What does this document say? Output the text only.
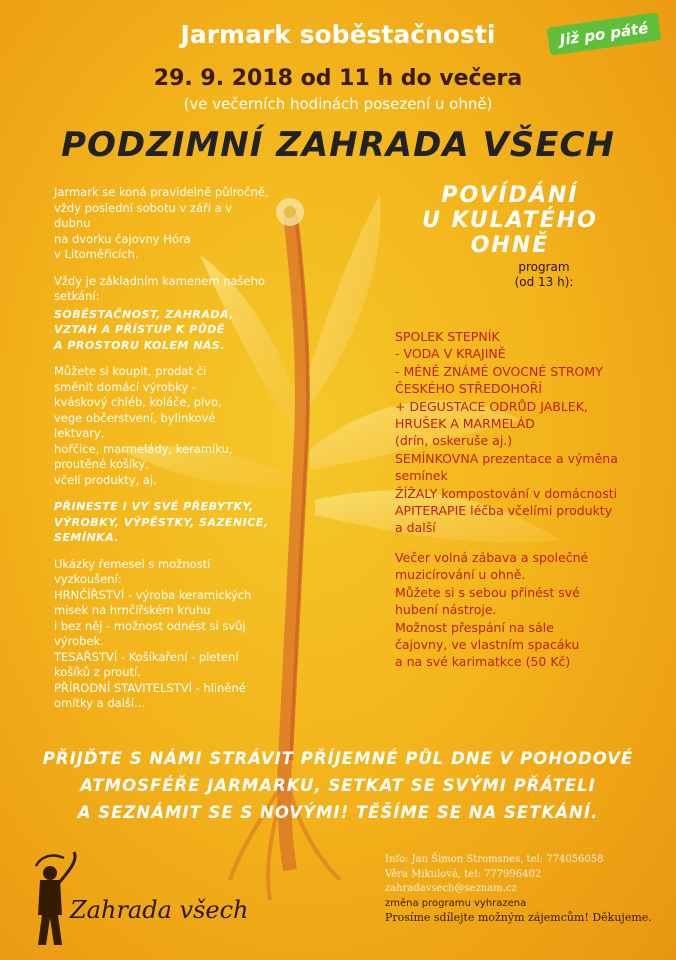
Jarmark soběstačnosti	Již po páté
29. 9. 2018 od 11 h do večera
(ve večerních hodinách posezení u ohně)
PODZIMNÍ ZAHRADA VŠECH

Jarmark se koná pravidelně půlročně,
vždy poslední sobotu v září a v dubnu
na dvorku čajovny Hóra
v Litoměřicích.

Vždy je základním kamenem našeho
setkání:

SOBĚSTAČNOST, ZAHRADA,
VZTAH A PŘÍSTUP K PŮDĚ
A PROSTORU KOLEM NÁS.

Můžete si koupit, prodat či
směnit domácí výrobky -
kváskový chléb, koláče, pivo,
vege občerstvení, bylinkové lektvary,
hořčice, marmelády, keramiku,
proutěné košíky,
včelí produkty, aj.

PŘINESTE I VY SVÉ PŘEBYTKY,
VÝROBKY, VÝPĚSTKY, SAZENICE,
SEMÍNKA.

Ukázky řemesel s možností
vyzkoušení:
HRNČÍŘSTVÍ - výroba keramických
misek na hrnčířském kruhu
i bez něj - možnost odnést si svůj
výrobek.
TESAŘSTVÍ - Košíkaření - pletení
košíků z proutí.
PŘÍRODNÍ STAVITELSTVÍ - hliněné
omítky a další...

POVÍDÁNÍ
U KULATÉHO
OHNĚ
program
(od 13 h):

SPOLEK STEPNÍK
- VODA V KRAJINĚ
- MÉNĚ ZNÁMÉ OVOCNÉ STROMY
ČESKÉHO STŘEDOHOŘÍ
+ DEGUSTACE ODRŮD JABLEK,
HRUŠEK A MARMELÁD
(drín, oskeruše aj.)
SEMÍNKOVNA prezentace a výměna
semínek
ŽÍŽALY kompostování v domácnosti
APITERAPIE léčba včelími produkty
a další

Večer volná zábava a společné
muzicírování u ohně.
Můžete si s sebou přinést své
hubení nástroje.
Možnost přespání na sále
čajovny, ve vlastním spacáku
a na své karimatkce (50 Kč)

PŘIJĎTE S NÁMI STRÁVIT PŘÍJEMNÉ PŮL DNE V POHODOVÉ
ATMOSFÉŘE JARMARKU, SETKAT SE SVÝMI PŘÁTELI
A SEZNÁMIT SE S NOVÝMI! TĚŠÍME SE NA SETKÁNÍ.
Info: Jan Šimon Stromsnes, tel: 774056058
Věra Mikulová, tel: 777996402
zahradavsech@seznam.cz
změna programu vyhrazena
Prosíme sdílejte možným zájemcům! Děkujeme.
Zahrada všech
